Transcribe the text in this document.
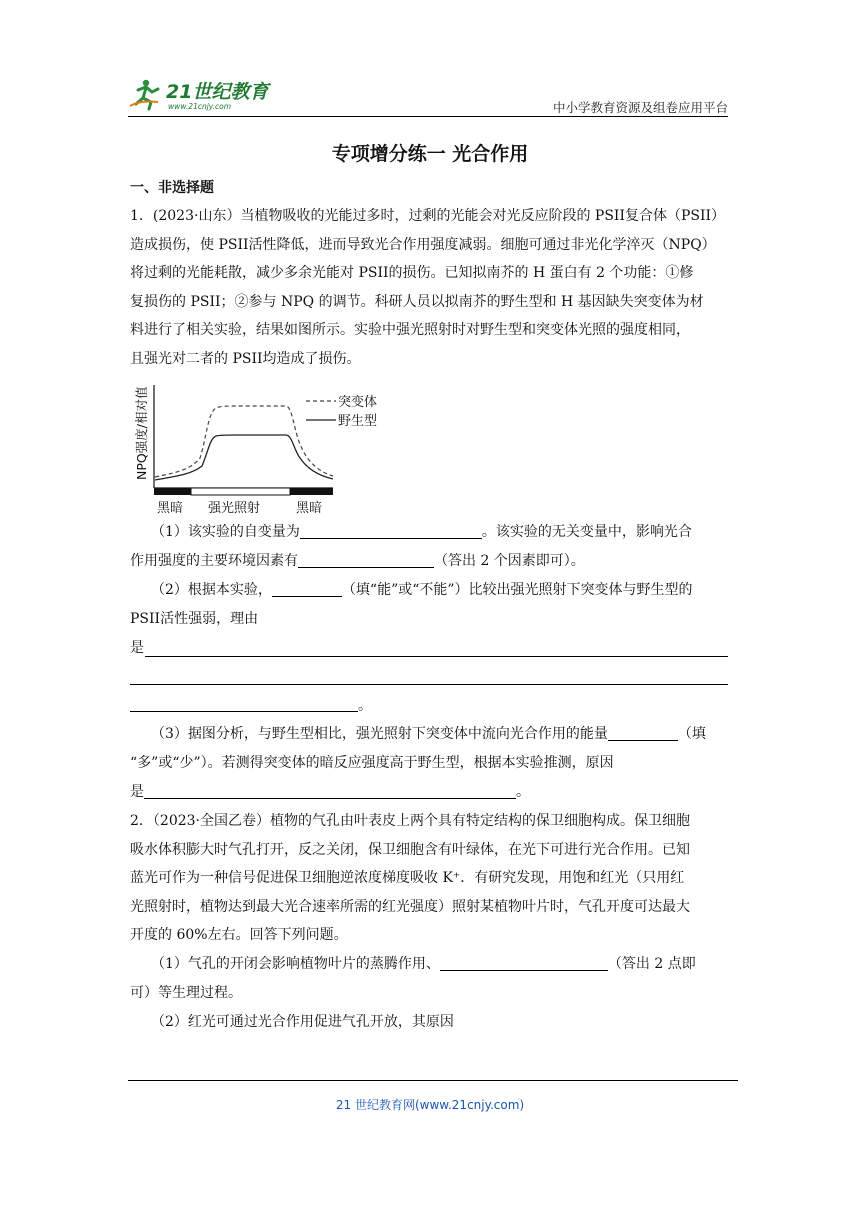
21世纪教育
www.21cnjy.com	中小学教育资源及组卷应用平台
专项增分练一 光合作用
一、非选择题
1．(2023·山东）当植物吸收的光能过多时，过剩的光能会对光反应阶段的 PSII复合体（PSII）
造成损伤，使 PSII活性降低，进而导致光合作用强度减弱。细胞可通过非光化学淬灭（NPQ）
将过剩的光能耗散，减少多余光能对 PSII的损伤。已知拟南芥的 H 蛋白有 2 个功能：①修
复损伤的 PSII；②参与 NPQ 的调节。科研人员以拟南芥的野生型和 H 基因缺失突变体为材
料进行了相关实验，结果如图所示。实验中强光照射时对野生型和突变体光照的强度相同，
且强光对二者的 PSII均造成了损伤。
NPQ强度/相对值	突变体
野生型
黑暗 强光照射	黑暗
（1）该实验的自变量为	。该实验的无关变量中，影响光合
作用强度的主要环境因素有	（答出 2 个因素即可）。
（2）根据本实验，	（填“能”或“不能”）比较出强光照射下突变体与野生型的
PSII活性强弱，理由
是
。
（3）据图分析，与野生型相比，强光照射下突变体中流向光合作用的能量	（填
“多”或“少”）。若测得突变体的暗反应强度高于野生型，根据本实验推测，原因
是	。
2．（2023·全国乙卷）植物的气孔由叶表皮上两个具有特定结构的保卫细胞构成。保卫细胞
吸水体积膨大时气孔打开，反之关闭，保卫细胞含有叶绿体，在光下可进行光合作用。已知
蓝光可作为一种信号促进保卫细胞逆浓度梯度吸收 K⁺．有研究发现，用饱和红光（只用红
光照射时，植物达到最大光合速率所需的红光强度）照射某植物叶片时，气孔开度可达最大
开度的 60%左右。回答下列问题。
（1）气孔的开闭会影响植物叶片的蒸腾作用、	（答出 2 点即
可）等生理过程。
（2）红光可通过光合作用促进气孔开放，其原因
21 世纪教育网(www.21cnjy.com)
